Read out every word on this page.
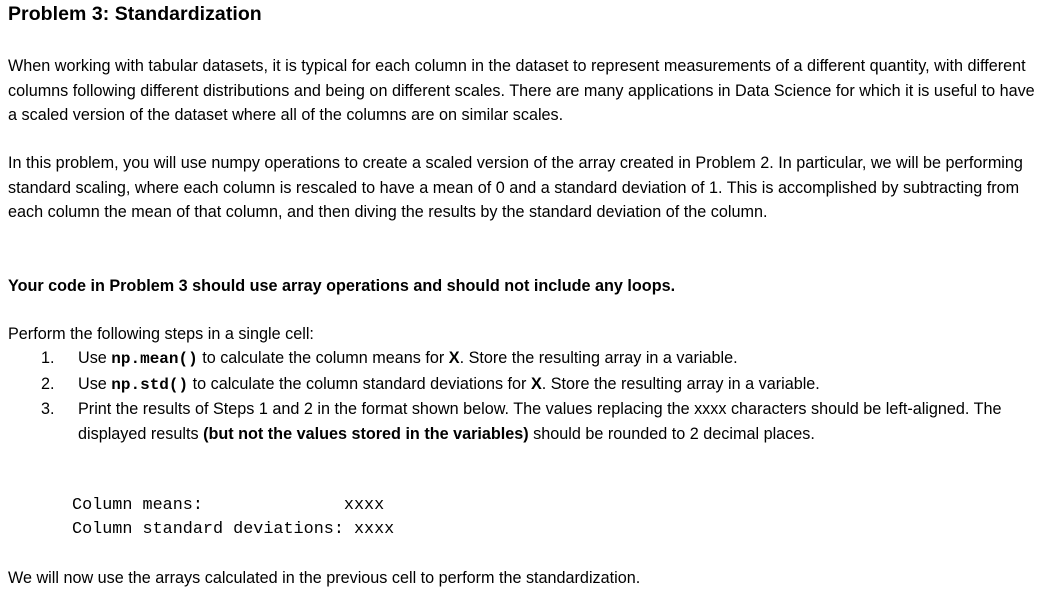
Problem 3: Standardization
When working with tabular datasets, it is typical for each column in the dataset to represent measurements of a different quantity, with different columns following different distributions and being on different scales. There are many applications in Data Science for which it is useful to have a scaled version of the dataset where all of the columns are on similar scales.
In this problem, you will use numpy operations to create a scaled version of the array created in Problem 2. In particular, we will be performing standard scaling, where each column is rescaled to have a mean of 0 and a standard deviation of 1. This is accomplished by subtracting from each column the mean of that column, and then diving the results by the standard deviation of the column.
Your code in Problem 3 should use array operations and should not include any loops.
Perform the following steps in a single cell:
1. Use np.mean() to calculate the column means for X. Store the resulting array in a variable.
2. Use np.std() to calculate the column standard deviations for X. Store the resulting array in a variable.
3. Print the results of Steps 1 and 2 in the format shown below. The values replacing the xxxx characters should be left-aligned. The displayed results (but not the values stored in the variables) should be rounded to 2 decimal places.
Column means:              xxxx
Column standard deviations: xxxx
We will now use the arrays calculated in the previous cell to perform the standardization.
